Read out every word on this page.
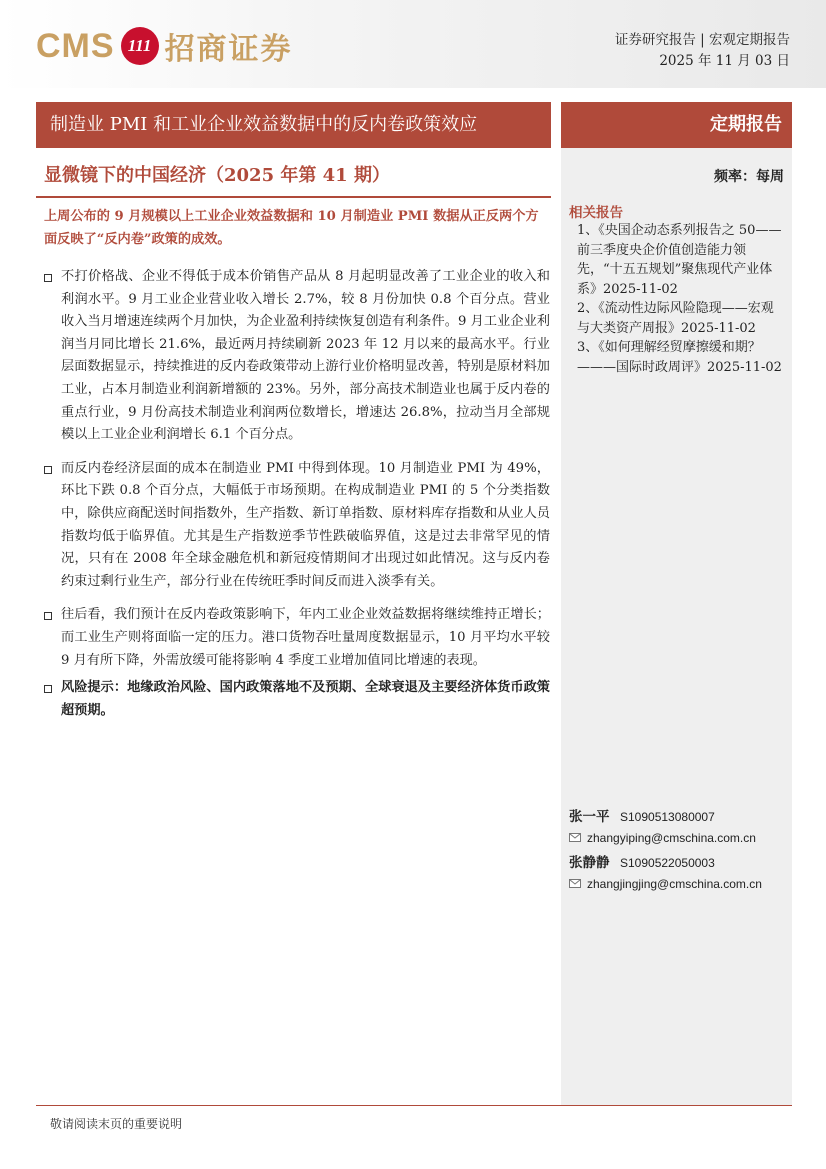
CMS 111 招商证券	证券研究报告 | 宏观定期报告
2025 年 11 月 03 日
制造业 PMI 和工业企业效益数据中的反内卷政策效应	定期报告
显微镜下的中国经济（2025 年第 41 期）
上周公布的 9 月规模以上工业企业效益数据和 10 月制造业 PMI 数据从正反两个方面反映了“反内卷”政策的成效。
不打价格战、企业不得低于成本价销售产品从 8 月起明显改善了工业企业的收入和利润水平。9 月工业企业营业收入增长 2.7%，较 8 月份加快 0.8 个百分点。营业收入当月增速连续两个月加快，为企业盈利持续恢复创造有利条件。9 月工业企业利润当月同比增长 21.6%，最近两月持续刷新 2023 年 12 月以来的最高水平。行业层面数据显示，持续推进的反内卷政策带动上游行业价格明显改善，特别是原材料加工业，占本月制造业利润新增额的 23%。另外，部分高技术制造业也属于反内卷的重点行业，9 月份高技术制造业利润两位数增长，增速达 26.8%，拉动当月全部规模以上工业企业利润增长 6.1 个百分点。
而反内卷经济层面的成本在制造业 PMI 中得到体现。10 月制造业 PMI 为 49%，环比下跌 0.8 个百分点，大幅低于市场预期。在构成制造业 PMI 的 5 个分类指数中，除供应商配送时间指数外，生产指数、新订单指数、原材料库存指数和从业人员指数均低于临界值。尤其是生产指数逆季节性跌破临界值，这是过去非常罕见的情况，只有在 2008 年全球金融危机和新冠疫情期间才出现过如此情况。这与反内卷约束过剩行业生产，部分行业在传统旺季时间反而进入淡季有关。
往后看，我们预计在反内卷政策影响下，年内工业企业效益数据将继续维持正增长；而工业生产则将面临一定的压力。港口货物吞吐量周度数据显示，10 月平均水平较 9 月有所下降，外需放缓可能将影响 4 季度工业增加值同比增速的表现。
风险提示：地缘政治风险、国内政策落地不及预期、全球衰退及主要经济体货币政策超预期。
频率：每周
相关报告
1、《央国企动态系列报告之 50——前三季度央企价值创造能力领先，“十五五规划”聚焦现代产业体系》2025-11-02
2、《流动性边际风险隐现——宏观与大类资产周报》2025-11-02
3、《如何理解经贸摩擦缓和期？———国际时政周评》2025-11-02
张一平 S1090513080007
zhangyiping@cmschina.com.cn
张静静 S1090522050003
zhangjingjing@cmschina.com.cn
敬请阅读末页的重要说明
